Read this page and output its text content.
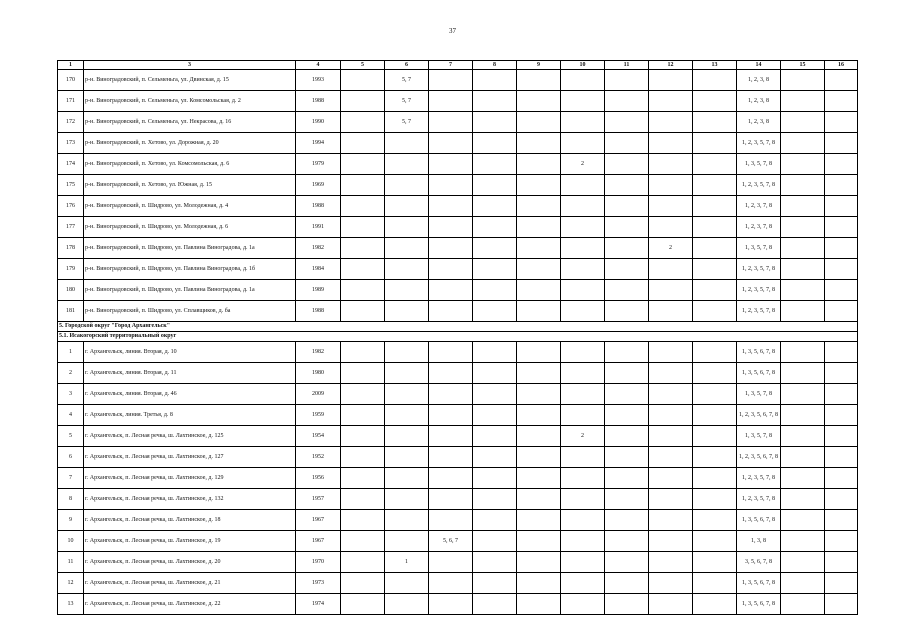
37
1	3	4	5	6	7	8	9	10	11	12	13	14	15	16
170	р-н. Виноградовский, п. Сельменьга, ул. Двинская, д. 15	1993		5, 7								1, 2, 3, 8		
171	р-н. Виноградовский, п. Сельменьга, ул. Комсомольская, д. 2	1988		5, 7								1, 2, 3, 8		
172	р-н. Виноградовский, п. Сельменьга, ул. Некрасова, д. 16	1990		5, 7								1, 2, 3, 8		
173	р-н. Виноградовский, п. Хетово, ул. Дорожная, д. 20	1994										1, 2, 3, 5, 7, 8		
174	р-н. Виноградовский, п. Хетово, ул. Комсомольская, д. 6	1979						2				1, 3, 5, 7, 8		
175	р-н. Виноградовский, п. Хетово, ул. Южная, д. 15	1969										1, 2, 3, 5, 7, 8		
176	р-н. Виноградовский, п. Шидрово, ул. Молодежная, д. 4	1988										1, 2, 3, 7, 8		
177	р-н. Виноградовский, п. Шидрово, ул. Молодежная, д. 6	1991										1, 2, 3, 7, 8		
178	р-н. Виноградовский, п. Шидрово, ул. Павлина Виноградова, д. 1а	1982								2		1, 3, 5, 7, 8		
179	р-н. Виноградовский, п. Шидрово, ул. Павлина Виноградова, д. 1б	1984										1, 2, 3, 5, 7, 8		
180	р-н. Виноградовский, п. Шидрово, ул. Павлина Виноградова, д. 1а	1989										1, 2, 3, 5, 7, 8		
181	р-н. Виноградовский, п. Шидрово, ул. Сплавщиков, д. ба	1988										1, 2, 3, 5, 7, 8		
5. Городской округ "Город Архангельск"														
5.1. Исакогорский территориальный округ														
1	г. Архангельск, линия. Вторая, д. 10	1982										1, 3, 5, 6, 7, 8		
2	г. Архангельск, линия. Вторая, д. 11	1980										1, 3, 5, 6, 7, 8		
3	г. Архангельск, линия. Вторая, д. 46	2009										1, 3, 5, 7, 8		
4	г. Архангельск, линия. Третья, д. 8	1959										1, 2, 3, 5, 6, 7, 8		
5	г. Архангельск, п. Лесная речка, ш. Лахтинское, д. 125	1954						2				1, 3, 5, 7, 8		
6	г. Архангельск, п. Лесная речка, ш. Лахтинское, д. 127	1952										1, 2, 3, 5, 6, 7, 8		
7	г. Архангельск, п. Лесная речка, ш. Лахтинское, д. 129	1956										1, 2, 3, 5, 7, 8		
8	г. Архангельск, п. Лесная речка, ш. Лахтинское, д. 132	1957										1, 2, 3, 5, 7, 8		
9	г. Архангельск, п. Лесная речка, ш. Лахтинское, д. 18	1967										1, 3, 5, 6, 7, 8		
10	г. Архангельск, п. Лесная речка, ш. Лахтинское, д. 19	1967			5, 6, 7							1, 3, 8		
11	г. Архангельск, п. Лесная речка, ш. Лахтинское, д. 20	1970		1								3, 5, 6, 7, 8		
12	г. Архангельск, п. Лесная речка, ш. Лахтинское, д. 21	1973										1, 3, 5, 6, 7, 8		
13	г. Архангельск, п. Лесная речка, ш. Лахтинское, д. 22	1974										1, 3, 5, 6, 7, 8		
